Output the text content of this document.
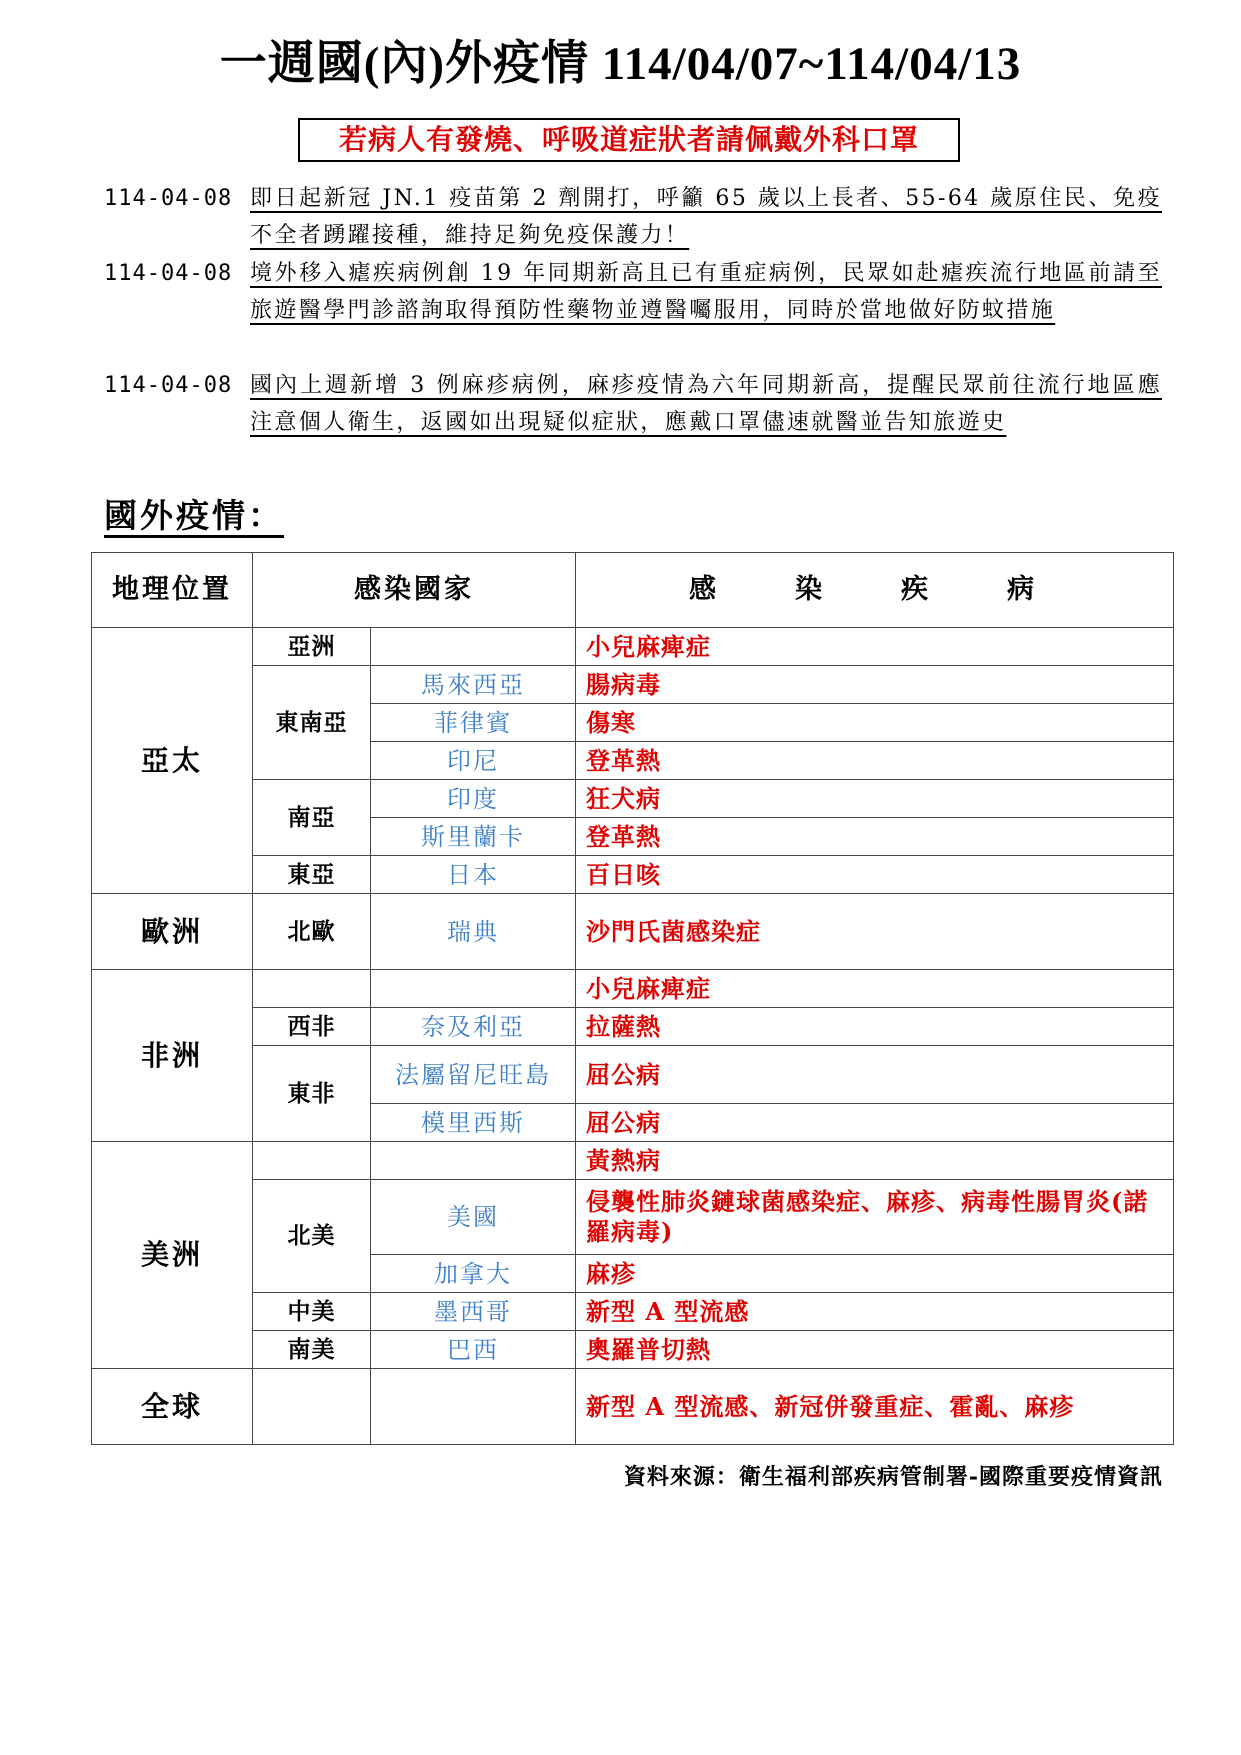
一週國(內)外疫情 114/04/07~114/04/13
若病人有發燒、呼吸道症狀者請佩戴外科口罩
114-04-08 即日起新冠 JN.1 疫苗第 2 劑開打，呼籲 65 歲以上長者、55-64 歲原住民、免疫不全者踴躍接種，維持足夠免疫保護力！
114-04-08 境外移入瘧疾病例創 19 年同期新高且已有重症病例，民眾如赴瘧疾流行地區前請至旅遊醫學門診諮詢取得預防性藥物並遵醫囑服用，同時於當地做好防蚊措施
114-04-08 國內上週新增 3 例麻疹病例，麻疹疫情為六年同期新高，提醒民眾前往流行地區應注意個人衛生，返國如出現疑似症狀，應戴口罩儘速就醫並告知旅遊史
國外疫情：
地理位置	感染國家		感　染　疾　病
亞太	亞洲		小兒麻痺症
	東南亞	馬來西亞	腸病毒
		菲律賓	傷寒
		印尼	登革熱
	南亞	印度	狂犬病
		斯里蘭卡	登革熱
	東亞	日本	百日咳
歐洲	北歐	瑞典	沙門氏菌感染症
非洲			小兒麻痺症
	西非	奈及利亞	拉薩熱
	東非	法屬留尼旺島	屈公病
		模里西斯	屈公病
美洲			黃熱病
	北美	美國	侵襲性肺炎鏈球菌感染症、麻疹、病毒性腸胃炎(諾羅病毒)
		加拿大	麻疹
	中美	墨西哥	新型 A 型流感
	南美	巴西	奧羅普切熱
全球			新型 A 型流感、新冠併發重症、霍亂、麻疹
資料來源：衛生福利部疾病管制署-國際重要疫情資訊
